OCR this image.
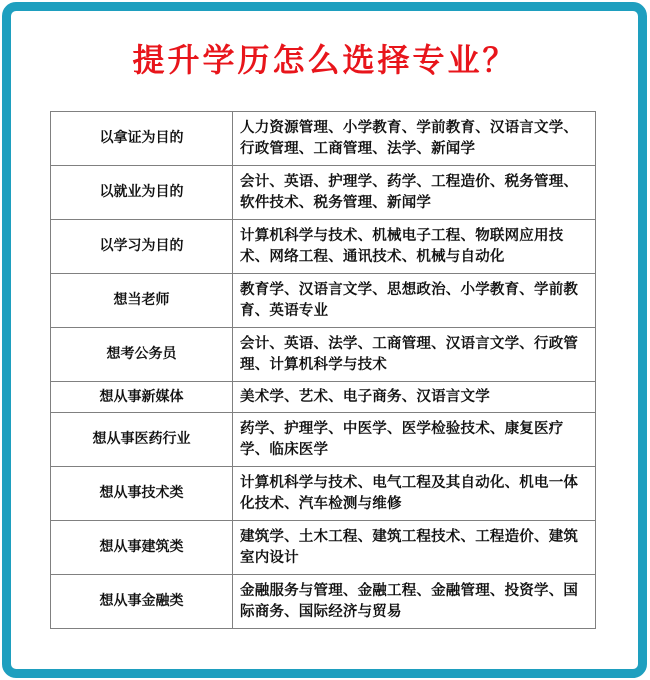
提升学历怎么选择专业？
以拿证为目的	人力资源管理、小学教育、学前教育、汉语言文学、行政管理、工商管理、法学、新闻学
以就业为目的	会计、英语、护理学、药学、工程造价、税务管理、软件技术、税务管理、新闻学
以学习为目的	计算机科学与技术、机械电子工程、物联网应用技术、网络工程、通讯技术、机械与自动化
想当老师	教育学、汉语言文学、思想政治、小学教育、学前教育、英语专业
想考公务员	会计、英语、法学、工商管理、汉语言文学、行政管理、计算机科学与技术
想从事新媒体	美术学、艺术、电子商务、汉语言文学
想从事医药行业	药学、护理学、中医学、医学检验技术、康复医疗学、临床医学
想从事技术类	计算机科学与技术、电气工程及其自动化、机电一体化技术、汽车检测与维修
想从事建筑类	建筑学、土木工程、建筑工程技术、工程造价、建筑室内设计
想从事金融类	金融服务与管理、金融工程、金融管理、投资学、国际商务、国际经济与贸易
